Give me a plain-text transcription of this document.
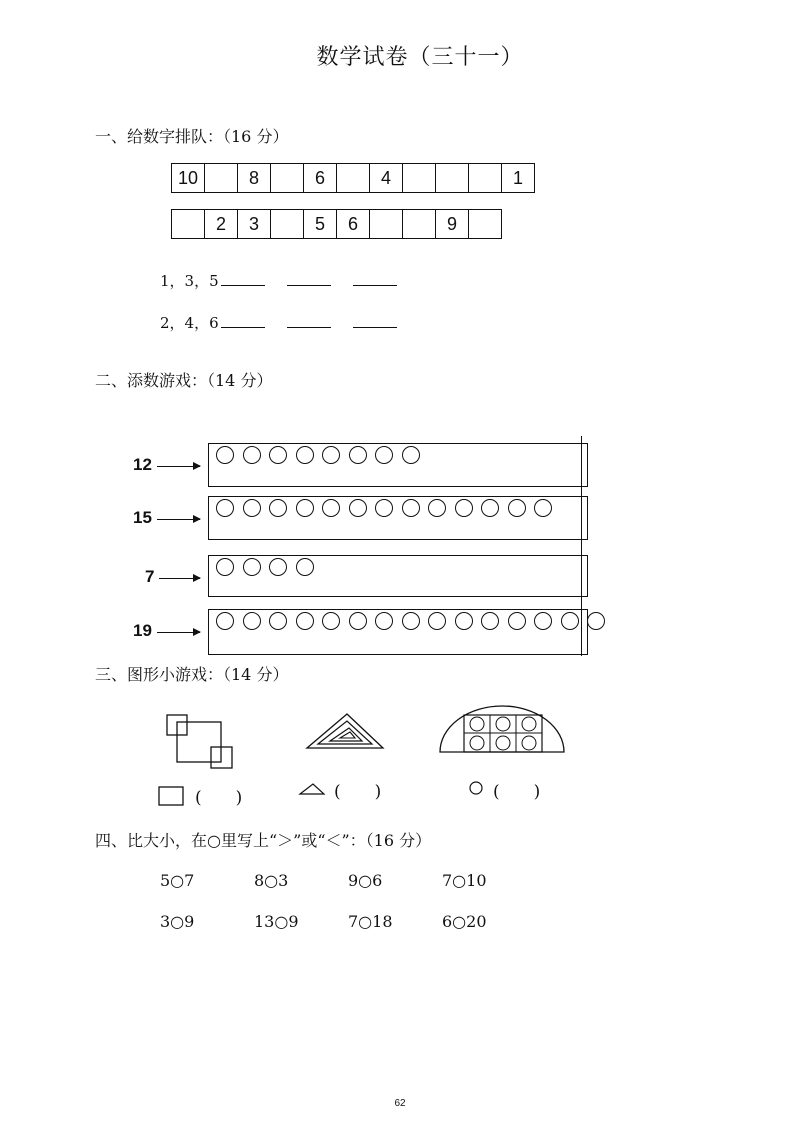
数学试卷（三十一）
一、给数字排队：（16 分）
10		8		6		4				1
	2	3		5	6			9	
1，3，5
2，4，6
二、添数游戏：（14 分）
12
15
7
19
三、图形小游戏：（14 分）
(　　)	(　　)	(　　)
四、比大小，在○里写上“＞”或“＜”：（16 分）
5○7	8○3	9○6	7○10
3○9	13○9	7○18	6○20
62
